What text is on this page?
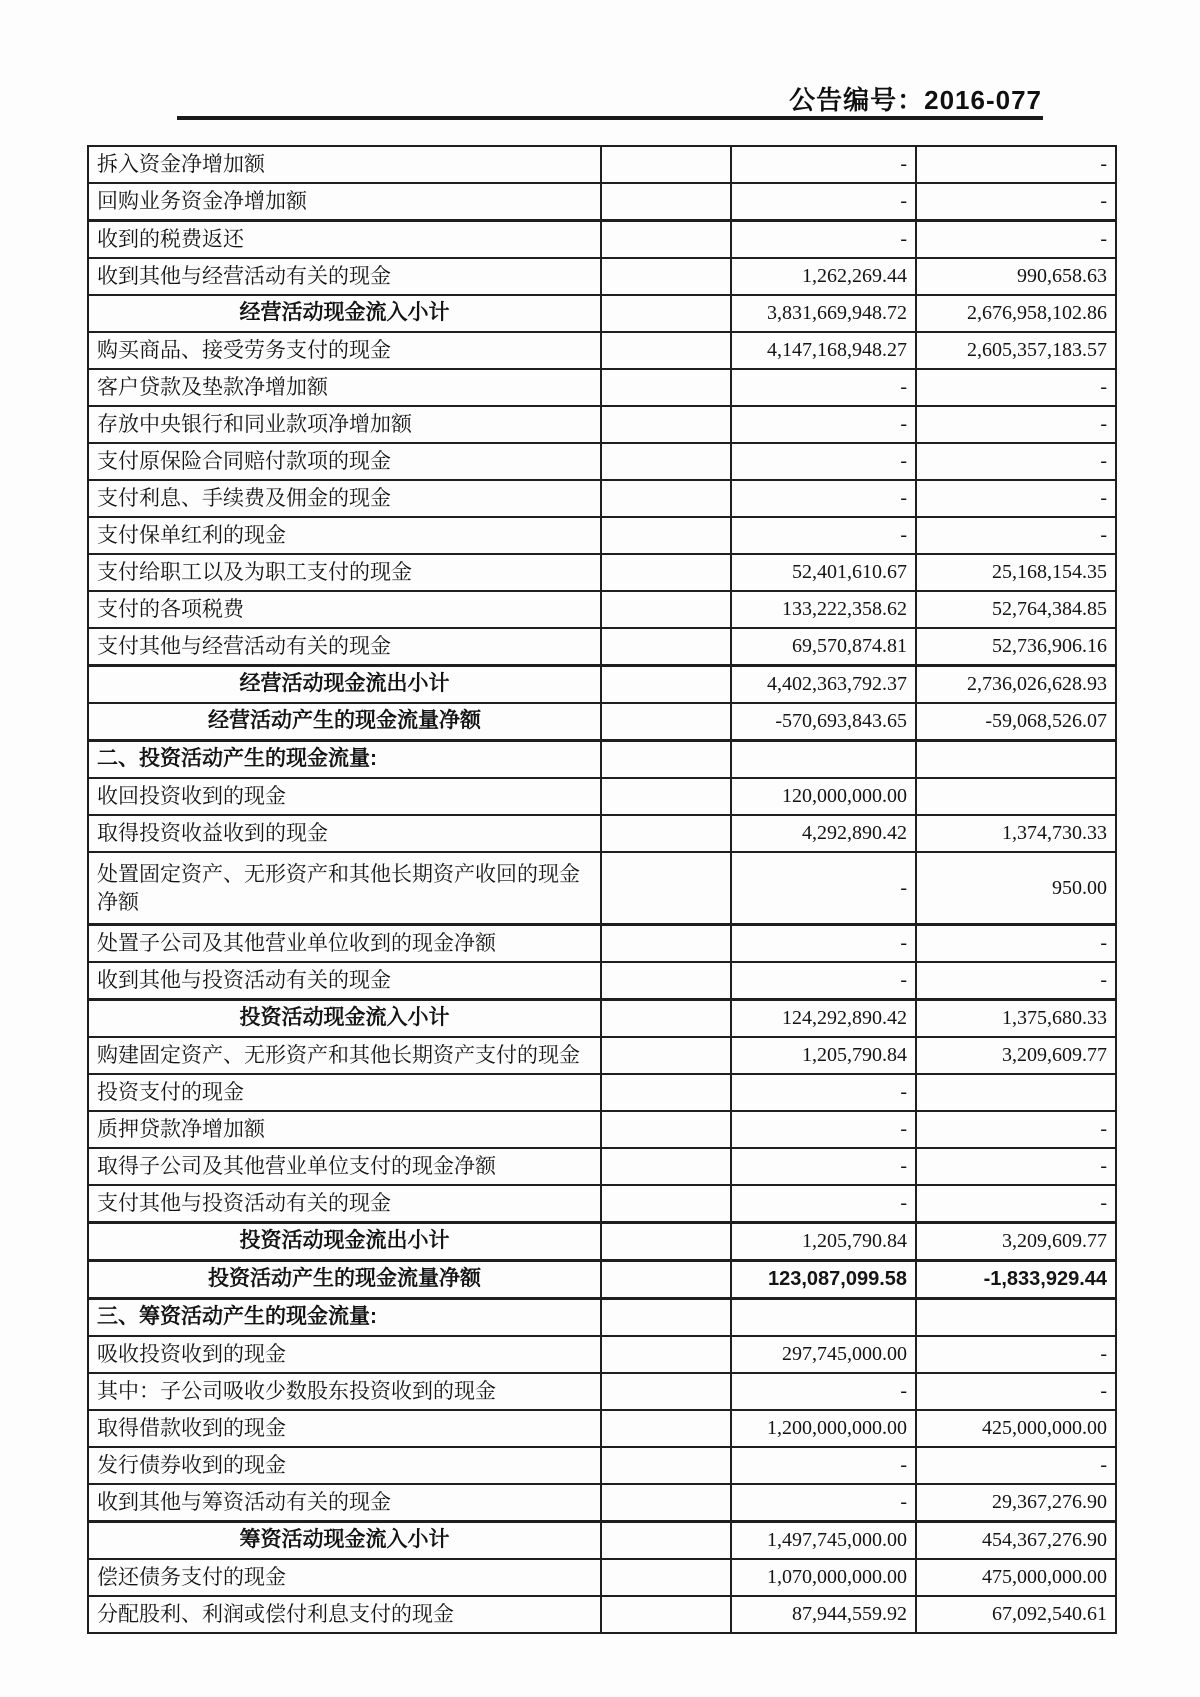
公告编号：2016-077
拆入资金净增加额		-	-
回购业务资金净增加额		-	-
收到的税费返还		-	-
收到其他与经营活动有关的现金		1,262,269.44	990,658.63
经营活动现金流入小计		3,831,669,948.72	2,676,958,102.86
购买商品、接受劳务支付的现金		4,147,168,948.27	2,605,357,183.57
客户贷款及垫款净增加额		-	-
存放中央银行和同业款项净增加额		-	-
支付原保险合同赔付款项的现金		-	-
支付利息、手续费及佣金的现金		-	-
支付保单红利的现金		-	-
支付给职工以及为职工支付的现金		52,401,610.67	25,168,154.35
支付的各项税费		133,222,358.62	52,764,384.85
支付其他与经营活动有关的现金		69,570,874.81	52,736,906.16
经营活动现金流出小计		4,402,363,792.37	2,736,026,628.93
经营活动产生的现金流量净额		-570,693,843.65	-59,068,526.07
二、投资活动产生的现金流量:			
收回投资收到的现金		120,000,000.00	
取得投资收益收到的现金		4,292,890.42	1,374,730.33
处置固定资产、无形资产和其他长期资产收回的现金净额		-	950.00
处置子公司及其他营业单位收到的现金净额		-	-
收到其他与投资活动有关的现金		-	-
投资活动现金流入小计		124,292,890.42	1,375,680.33
购建固定资产、无形资产和其他长期资产支付的现金		1,205,790.84	3,209,609.77
投资支付的现金		-	
质押贷款净增加额		-	-
取得子公司及其他营业单位支付的现金净额		-	-
支付其他与投资活动有关的现金		-	-
投资活动现金流出小计		1,205,790.84	3,209,609.77
投资活动产生的现金流量净额		123,087,099.58	-1,833,929.44
三、筹资活动产生的现金流量:			
吸收投资收到的现金		297,745,000.00	-
其中：子公司吸收少数股东投资收到的现金		-	-
取得借款收到的现金		1,200,000,000.00	425,000,000.00
发行债券收到的现金		-	-
收到其他与筹资活动有关的现金		-	29,367,276.90
筹资活动现金流入小计		1,497,745,000.00	454,367,276.90
偿还债务支付的现金		1,070,000,000.00	475,000,000.00
分配股利、利润或偿付利息支付的现金		87,944,559.92	67,092,540.61
